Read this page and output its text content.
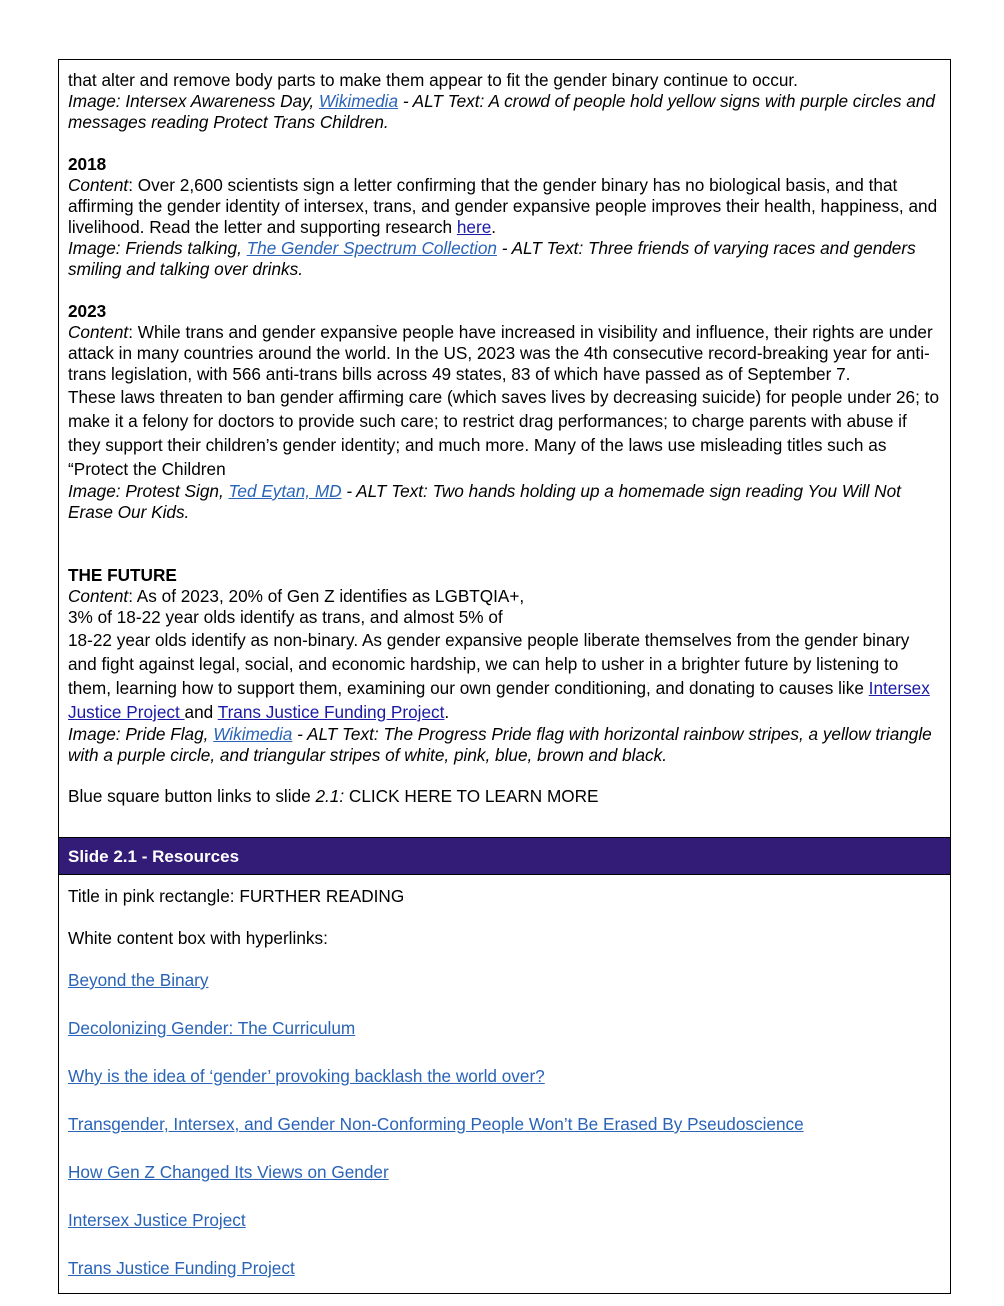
that alter and remove body parts to make them appear to fit the gender binary continue to occur.
Image: Intersex Awareness Day, Wikimedia - ALT Text: A crowd of people hold yellow signs with purple circles and messages reading Protect Trans Children.

2018

Content: Over 2,600 scientists sign a letter confirming that the gender binary has no biological basis, and that affirming the gender identity of intersex, trans, and gender expansive people improves their health, happiness, and livelihood. Read the letter and supporting research here.

Image: Friends talking, The Gender Spectrum Collection - ALT Text: Three friends of varying races and genders smiling and talking over drinks.

2023

Content: While trans and gender expansive people have increased in visibility and influence, their rights are under attack in many countries around the world. In the US, 2023 was the 4th consecutive record-breaking year for anti-trans legislation, with 566 anti-trans bills across 49 states, 83 of which have passed as of September 7.

These laws threaten to ban gender affirming care (which saves lives by decreasing suicide) for people under 26; to make it a felony for doctors to provide such care; to restrict drag performances; to charge parents with abuse if they support their children’s gender identity; and much more. Many of the laws use misleading titles such as “Protect the Children

Image: Protest Sign, Ted Eytan, MD - ALT Text: Two hands holding up a homemade sign reading You Will Not Erase Our Kids.

THE FUTURE

Content: As of 2023, 20% of Gen Z identifies as LGBTQIA+,

3% of 18-22 year olds identify as trans, and almost 5% of

18-22 year olds identify as non-binary. As gender expansive people liberate themselves from the gender binary and fight against legal, social, and economic hardship, we can help to usher in a brighter future by listening to them, learning how to support them, examining our own gender conditioning, and donating to causes like Intersex Justice Project and Trans Justice Funding Project.

Image: Pride Flag, Wikimedia - ALT Text: The Progress Pride flag with horizontal rainbow stripes, a yellow triangle with a purple circle, and triangular stripes of white, pink, blue, brown and black.

Blue square button links to slide 2.1: CLICK HERE TO LEARN MORE

Slide 2.1 - Resources

Title in pink rectangle: FURTHER READING

White content box with hyperlinks:

Beyond the Binary
Decolonizing Gender: The Curriculum
Why is the idea of ‘gender’ provoking backlash the world over?
Transgender, Intersex, and Gender Non-Conforming People Won’t Be Erased By Pseudoscience
How Gen Z Changed Its Views on Gender
Intersex Justice Project
Trans Justice Funding Project
